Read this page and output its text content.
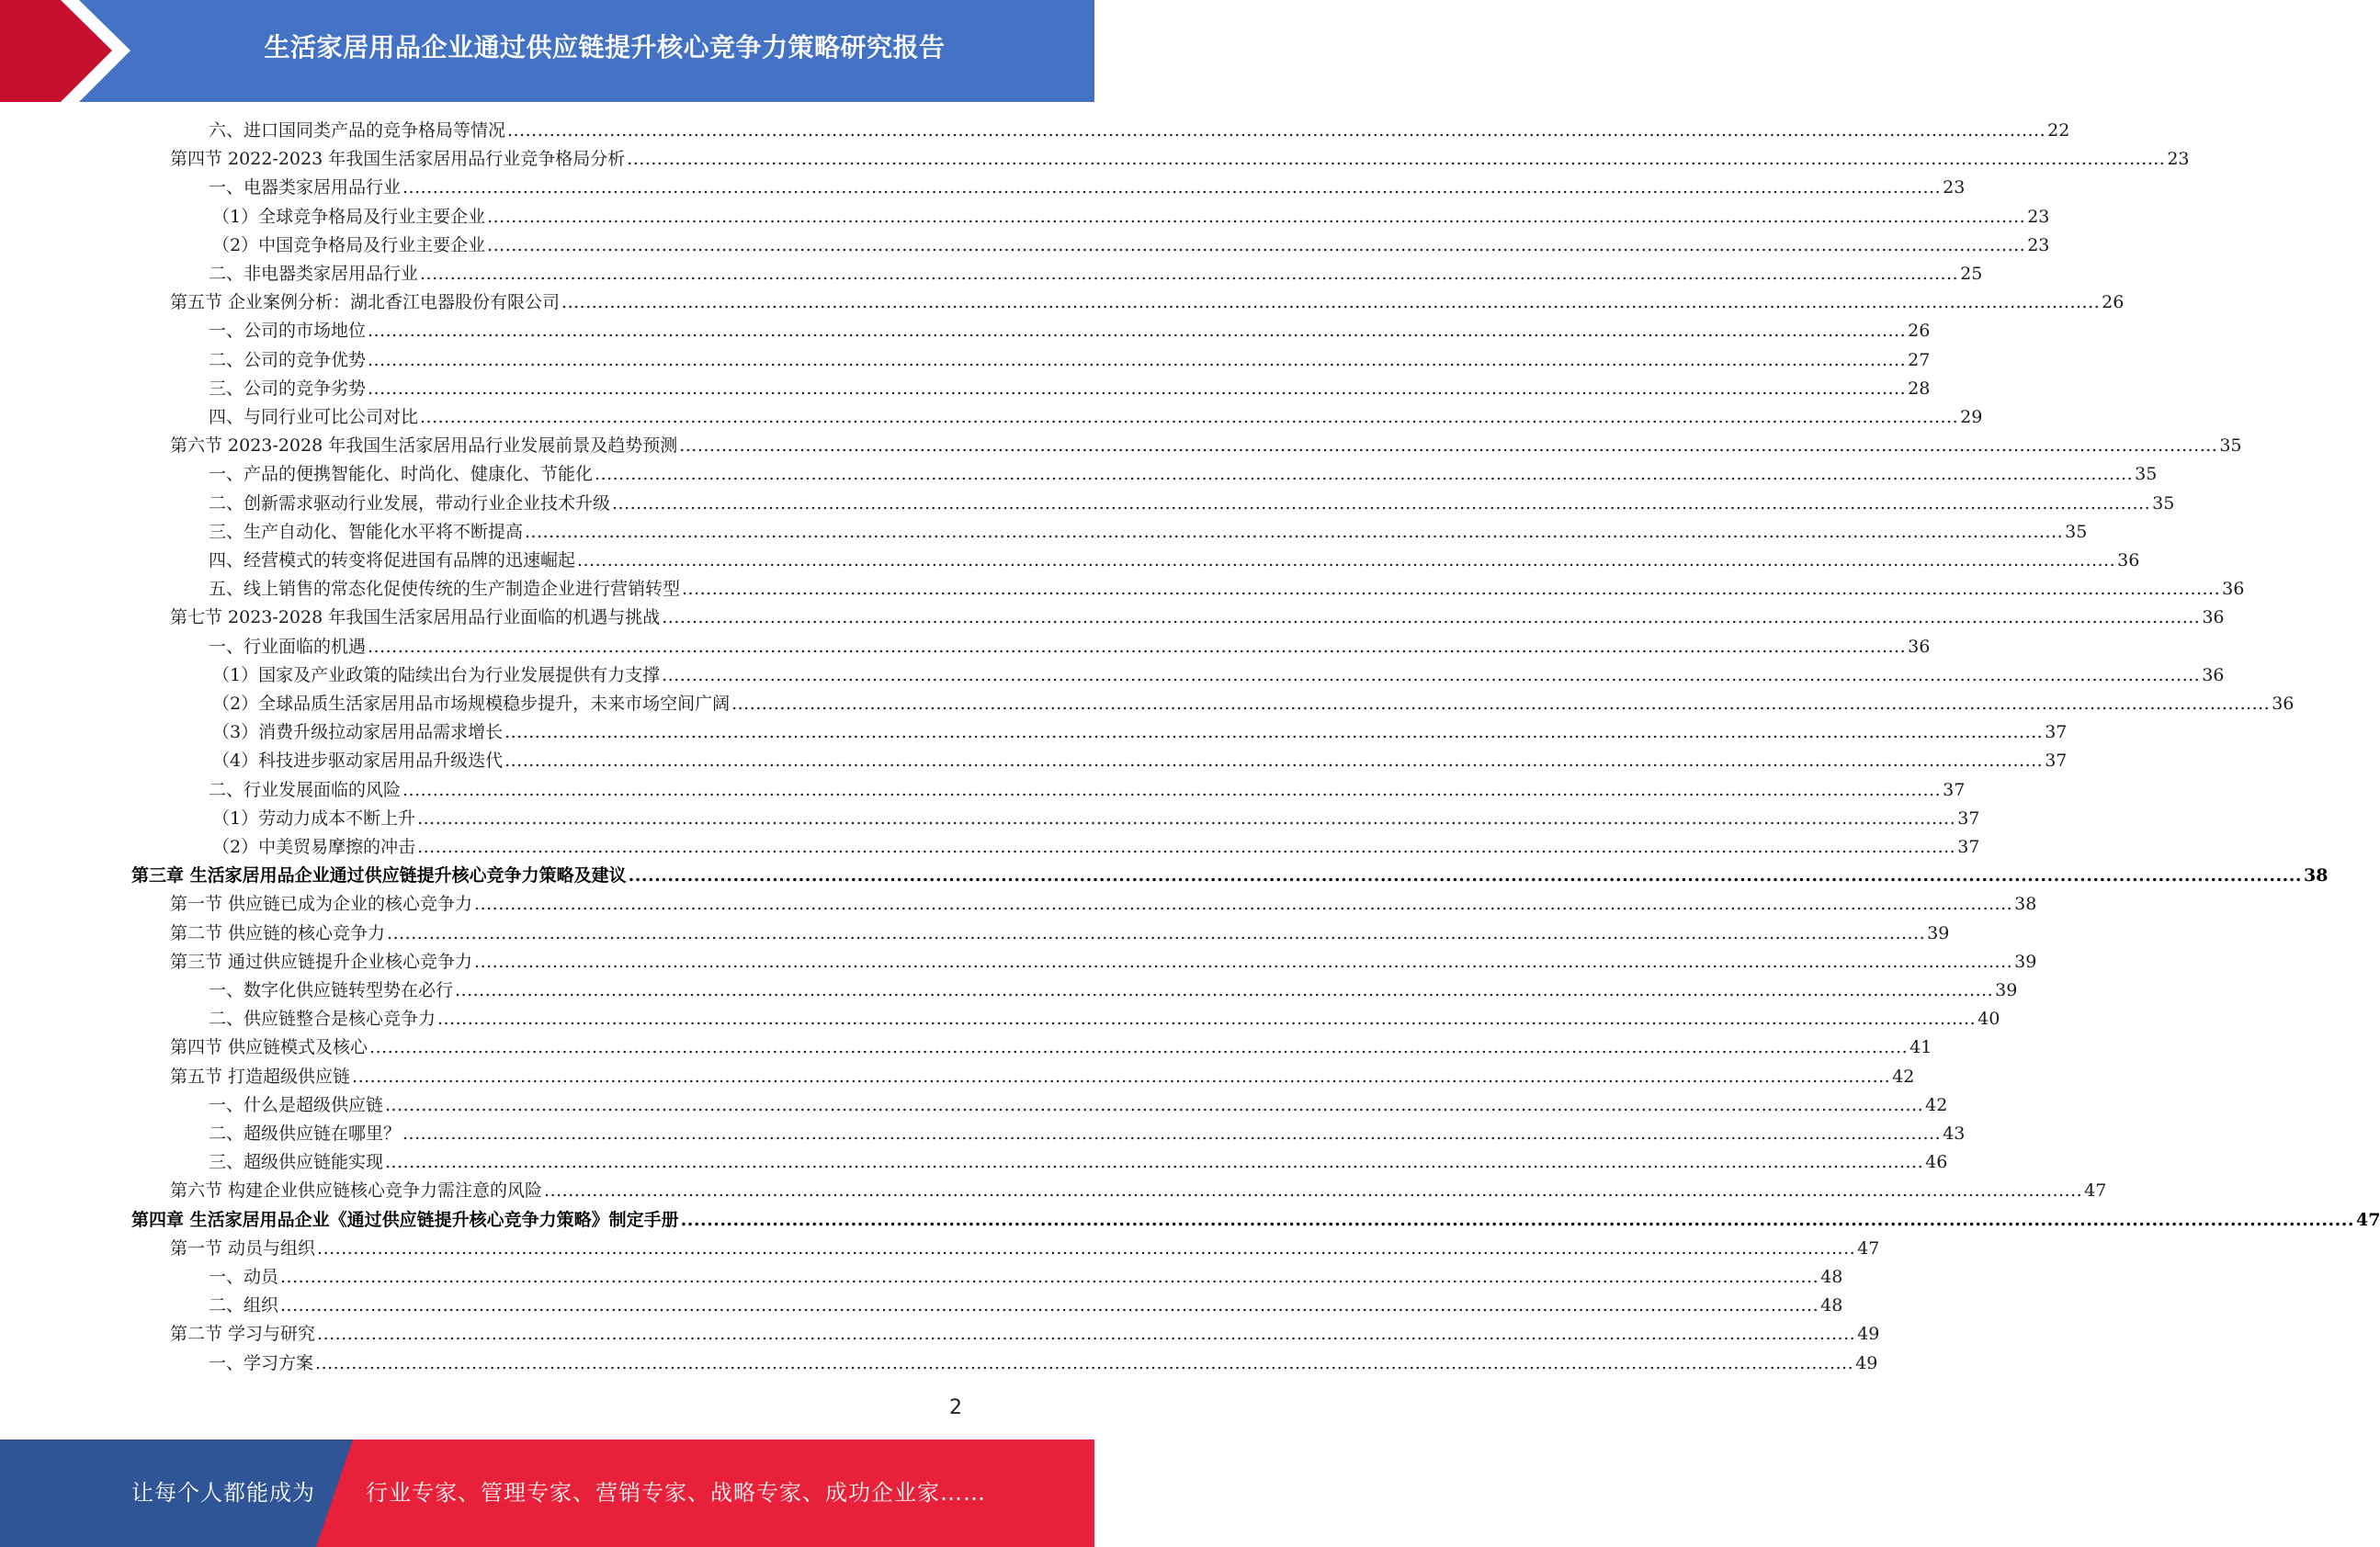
生活家居用品企业通过供应链提升核心竞争力策略研究报告
六、进口国同类产品的竞争格局等情况 .....	22
第四节 2022-2023 年我国生活家居用品行业竞争格局分析 .....	23
一、电器类家居用品行业 .....	23
（1）全球竞争格局及行业主要企业 .....	23
（2）中国竞争格局及行业主要企业 .....	23
二、非电器类家居用品行业 .....	25
第五节 企业案例分析：湖北香江电器股份有限公司 .....	26
一、公司的市场地位 .....	26
二、公司的竞争优势 .....	27
三、公司的竞争劣势 .....	28
四、与同行业可比公司对比 .....	29
第六节 2023-2028 年我国生活家居用品行业发展前景及趋势预测 .....	35
一、产品的便携智能化、时尚化、健康化、节能化 .....	35
二、创新需求驱动行业发展，带动行业企业技术升级 .....	35
三、生产自动化、智能化水平将不断提高 .....	35
四、经营模式的转变将促进国有品牌的迅速崛起 .....	36
五、线上销售的常态化促使传统的生产制造企业进行营销转型 .....	36
第七节 2023-2028 年我国生活家居用品行业面临的机遇与挑战 .....	36
一、行业面临的机遇 .....	36
（1）国家及产业政策的陆续出台为行业发展提供有力支撑 .....	36
（2）全球品质生活家居用品市场规模稳步提升，未来市场空间广阔 .....	36
（3）消费升级拉动家居用品需求增长 .....	37
（4）科技进步驱动家居用品升级迭代 .....	37
二、行业发展面临的风险 .....	37
（1）劳动力成本不断上升 .....	37
（2）中美贸易摩擦的冲击 .....	37
第三章 生活家居用品企业通过供应链提升核心竞争力策略及建议 .....	38
第一节 供应链已成为企业的核心竞争力 .....	38
第二节 供应链的核心竞争力 .....	39
第三节 通过供应链提升企业核心竞争力 .....	39
一、数字化供应链转型势在必行 .....	39
二、供应链整合是核心竞争力 .....	40
第四节 供应链模式及核心 .....	41
第五节 打造超级供应链 .....	42
一、什么是超级供应链 .....	42
二、超级供应链在哪里？ .....	43
三、超级供应链能实现 .....	46
第六节 构建企业供应链核心竞争力需注意的风险 .....	47
第四章 生活家居用品企业《通过供应链提升核心竞争力策略》制定手册 .....	47
第一节 动员与组织 .....	47
一、动员 .....	48
二、组织 .....	48
第二节 学习与研究 .....	49
一、学习方案 .....	49
2
让每个人都能成为 行业专家、管理专家、营销专家、战略专家、成功企业家……
